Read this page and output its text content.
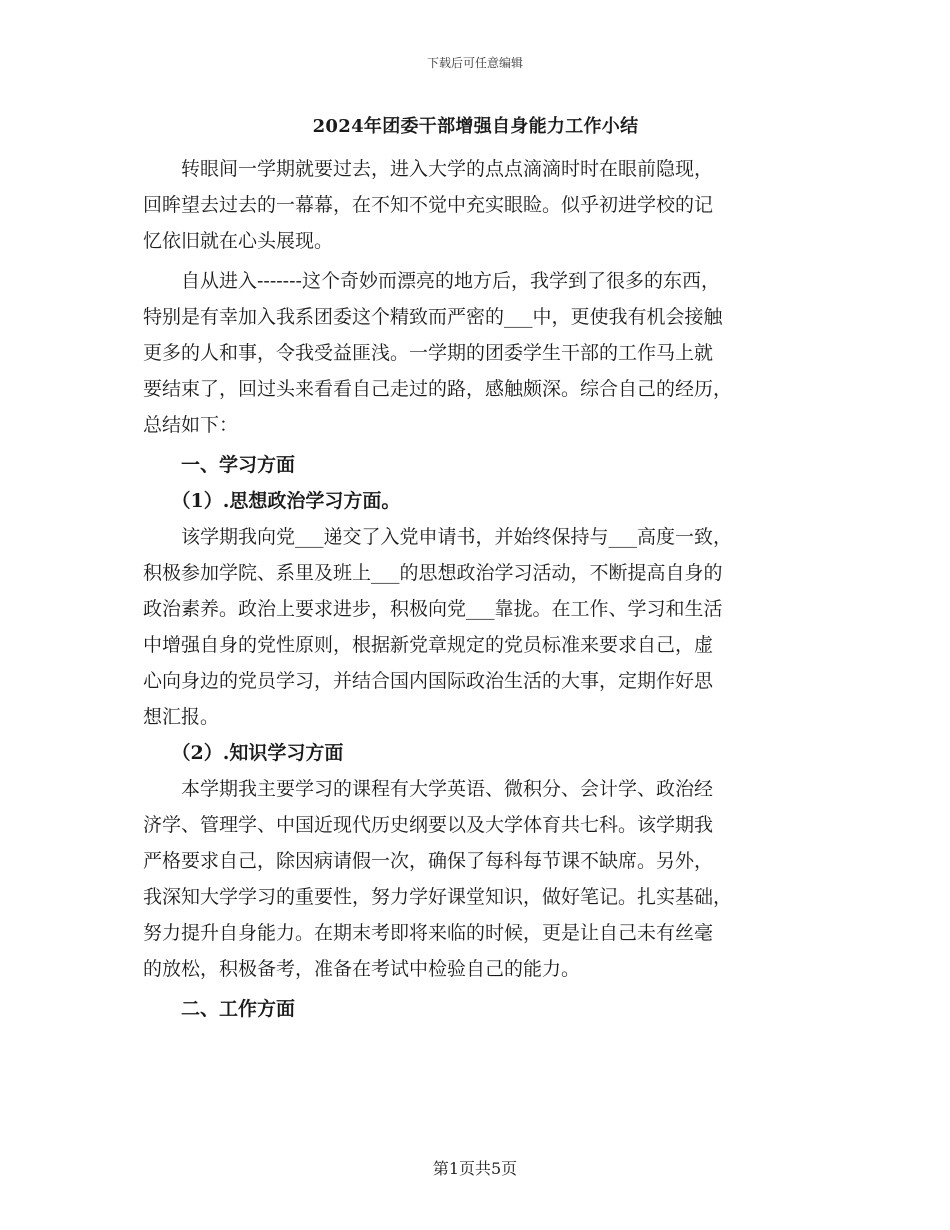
下载后可任意编辑
2024年团委干部增强自身能力工作小结
转眼间一学期就要过去，进入大学的点点滴滴时时在眼前隐现，
回眸望去过去的一幕幕，在不知不觉中充实眼睑。似乎初进学校的记
忆依旧就在心头展现。
自从进入-------这个奇妙而漂亮的地方后，我学到了很多的东西，
特别是有幸加入我系团委这个精致而严密的___中，更使我有机会接触
更多的人和事，令我受益匪浅。一学期的团委学生干部的工作马上就
要结束了，回过头来看看自己走过的路，感触颇深。综合自己的经历，
总结如下：
一、学习方面
（1）.思想政治学习方面。
该学期我向党___递交了入党申请书，并始终保持与___高度一致，
积极参加学院、系里及班上___的思想政治学习活动，不断提高自身的
政治素养。政治上要求进步，积极向党___靠拢。在工作、学习和生活
中增强自身的党性原则，根据新党章规定的党员标准来要求自己，虚
心向身边的党员学习，并结合国内国际政治生活的大事，定期作好思
想汇报。
（2）.知识学习方面
本学期我主要学习的课程有大学英语、微积分、会计学、政治经
济学、管理学、中国近现代历史纲要以及大学体育共七科。该学期我
严格要求自己，除因病请假一次，确保了每科每节课不缺席。另外，
我深知大学学习的重要性，努力学好课堂知识，做好笔记。扎实基础，
努力提升自身能力。在期末考即将来临的时候，更是让自己未有丝毫
的放松，积极备考，准备在考试中检验自己的能力。
二、工作方面
第1页共5页
